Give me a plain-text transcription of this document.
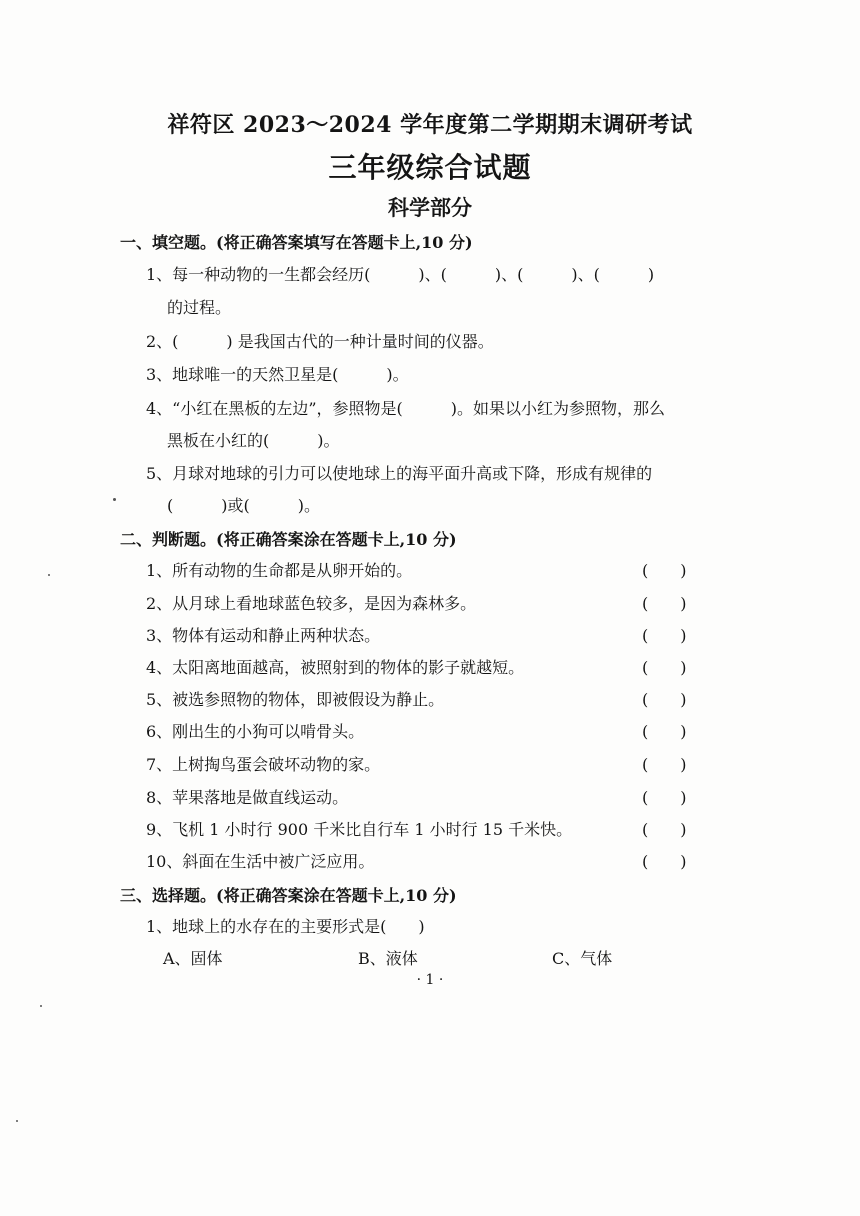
祥符区 2023～2024 学年度第二学期期末调研考试
三年级综合试题
科学部分
一、填空题。(将正确答案填写在答题卡上,10 分)
1、每一种动物的一生都会经历(　　　)、(　　　)、(　　　)、(　　　)
的过程。
2、(　　　) 是我国古代的一种计量时间的仪器。
3、地球唯一的天然卫星是(　　　)。
4、“小红在黑板的左边”，参照物是(　　　)。如果以小红为参照物，那么
黑板在小红的(　　　)。
5、月球对地球的引力可以使地球上的海平面升高或下降，形成有规律的
(　　　)或(　　　)。
二、判断题。(将正确答案涂在答题卡上,10 分)
1、所有动物的生命都是从卵开始的。	(　　)
2、从月球上看地球蓝色较多，是因为森林多。	(　　)
3、物体有运动和静止两种状态。	(　　)
4、太阳离地面越高，被照射到的物体的影子就越短。	(　　)
5、被选参照物的物体，即被假设为静止。	(　　)
6、刚出生的小狗可以啃骨头。	(　　)
7、上树掏鸟蛋会破坏动物的家。	(　　)
8、苹果落地是做直线运动。	(　　)
9、飞机 1 小时行 900 千米比自行车 1 小时行 15 千米快。	(　　)
10、斜面在生活中被广泛应用。	(　　)
三、选择题。(将正确答案涂在答题卡上,10 分)
1、地球上的水存在的主要形式是(　　)
A、固体	B、液体	C、气体
· 1 ·
